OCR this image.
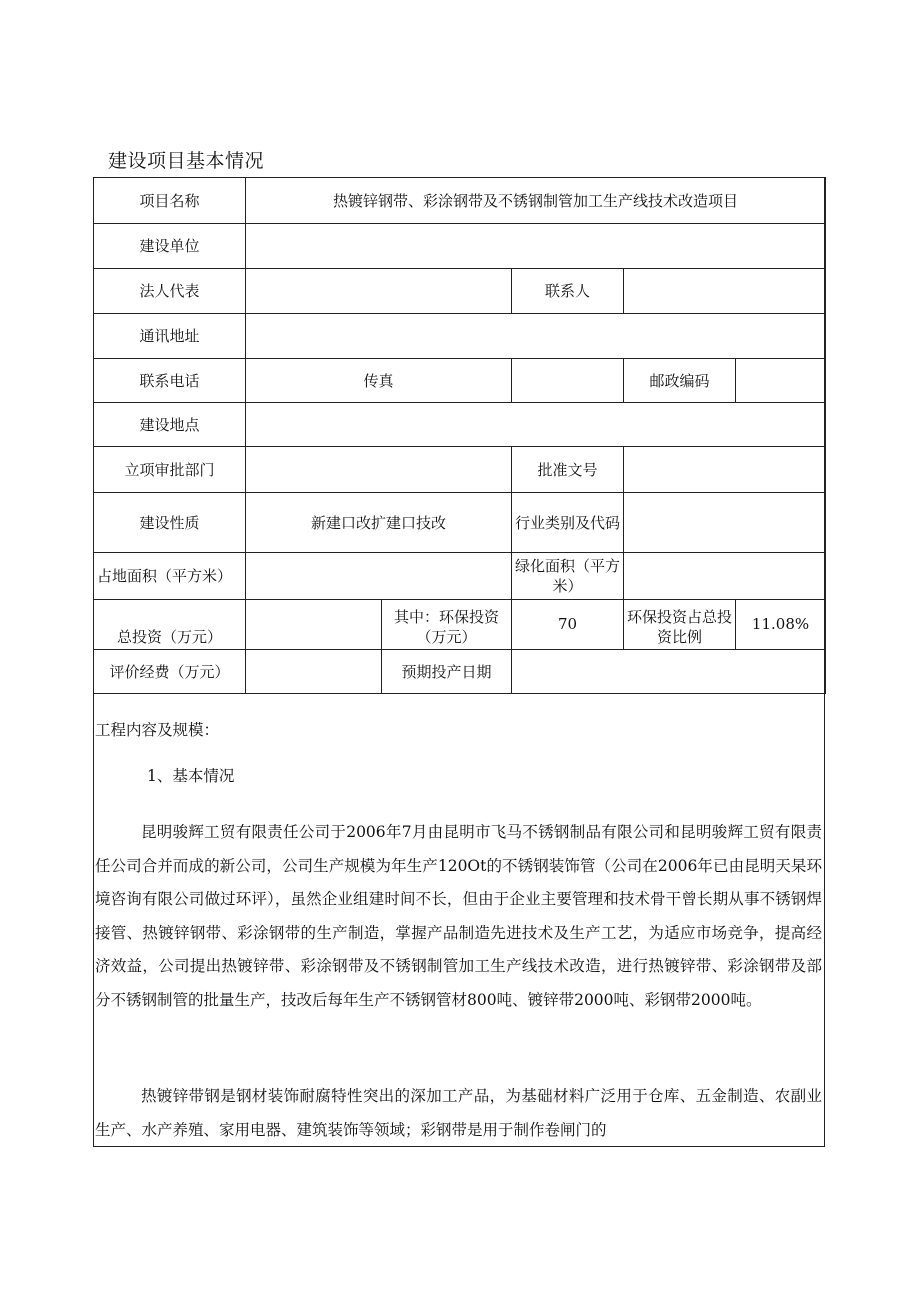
建设项目基本情况
项目名称	热镀锌钢带、彩涂钢带及不锈钢制管加工生产线技术改造项目				
建设单位					
法人代表			联系人		
通讯地址					
联系电话	传真			邮政编码	
建设地点					
立项审批部门			批准文号		
建设性质	新建口改扩建口技改		行业类别及代码		
占地面积（平方米）			绿化面积（平方米）		
总投资（万元）		其中：环保投资（万元）	70	环保投资占总投资比例	11.08%
评价经费（万元）		预期投产日期			
工程内容及规模：
1、基本情况

昆明骏辉工贸有限责任公司于2006年7月由昆明市飞马不锈钢制品有限公司和昆明骏辉工贸有限责任公司合并而成的新公司，公司生产规模为年生产120Ot的不锈钢装饰管（公司在2006年已由昆明天杲环境咨询有限公司做过环评），虽然企业组建时间不长，但由于企业主要管理和技术骨干曾长期从事不锈钢焊接管、热镀锌钢带、彩涂钢带的生产制造，掌握产品制造先进技术及生产工艺，为适应市场竞争，提高经济效益，公司提出热镀锌带、彩涂钢带及不锈钢制管加工生产线技术改造，进行热镀锌带、彩涂钢带及部分不锈钢制管的批量生产，技改后每年生产不锈钢管材800吨、镀锌带2000吨、彩钢带2000吨。

热镀锌带钢是钢材装饰耐腐特性突出的深加工产品，为基础材料广泛用于仓库、五金制造、农副业生产、水产养殖、家用电器、建筑装饰等领域；彩钢带是用于制作卷闸门的
